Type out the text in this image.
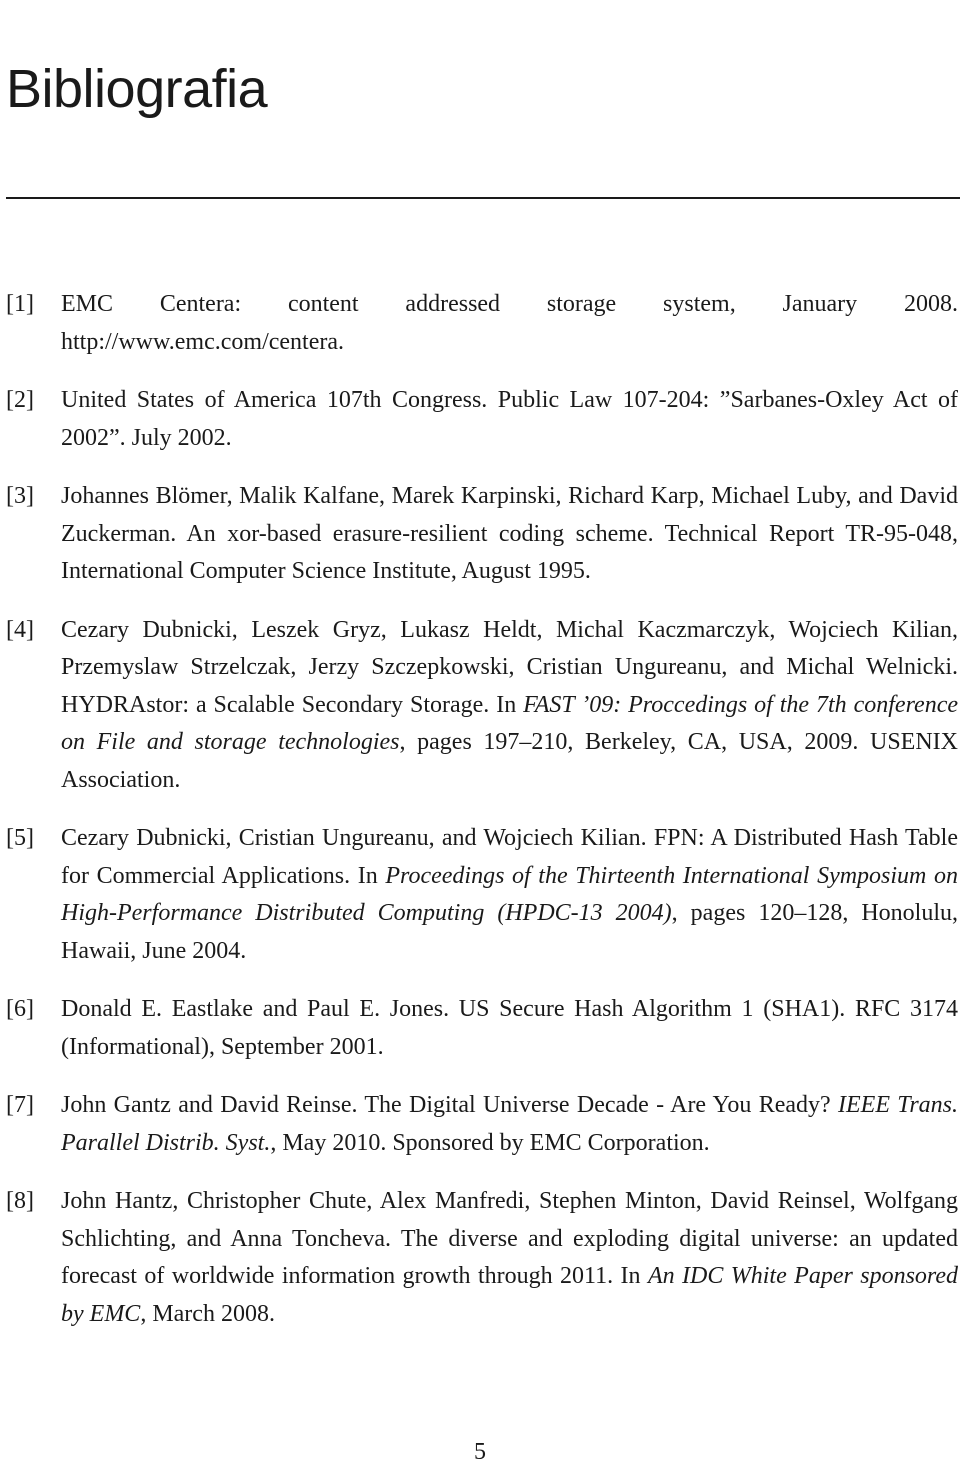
Bibliografia
[1] EMC Centera: content addressed storage system, January 2008. http://www.emc.com/centera.
[2] United States of America 107th Congress. Public Law 107-204: ”Sarbanes-Oxley Act of 2002”. July 2002.
[3] Johannes Blömer, Malik Kalfane, Marek Karpinski, Richard Karp, Michael Luby, and David Zuckerman. An xor-based erasure-resilient coding scheme. Technical Report TR-95-048, International Computer Science Institute, August 1995.
[4] Cezary Dubnicki, Leszek Gryz, Lukasz Heldt, Michal Kaczmarczyk, Wojciech Kilian, Przemyslaw Strzelczak, Jerzy Szczepkowski, Cristian Ungureanu, and Michal Welnicki. HYDRAstor: a Scalable Secondary Storage. In FAST ’09: Proccedings of the 7th conference on File and storage technologies, pages 197–210, Berkeley, CA, USA, 2009. USENIX Association.
[5] Cezary Dubnicki, Cristian Ungureanu, and Wojciech Kilian. FPN: A Distributed Hash Table for Commercial Applications. In Proceedings of the Thirteenth International Symposium on High-Performance Distributed Computing (HPDC-13 2004), pages 120–128, Honolulu, Hawaii, June 2004.
[6] Donald E. Eastlake and Paul E. Jones. US Secure Hash Algorithm 1 (SHA1). RFC 3174 (Informational), September 2001.
[7] John Gantz and David Reinse. The Digital Universe Decade - Are You Ready? IEEE Trans. Parallel Distrib. Syst., May 2010. Sponsored by EMC Corporation.
[8] John Hantz, Christopher Chute, Alex Manfredi, Stephen Minton, David Reinsel, Wolfgang Schlichting, and Anna Toncheva. The diverse and exploding digital universe: an updated forecast of worldwide information growth through 2011. In An IDC White Paper sponsored by EMC, March 2008.
5
